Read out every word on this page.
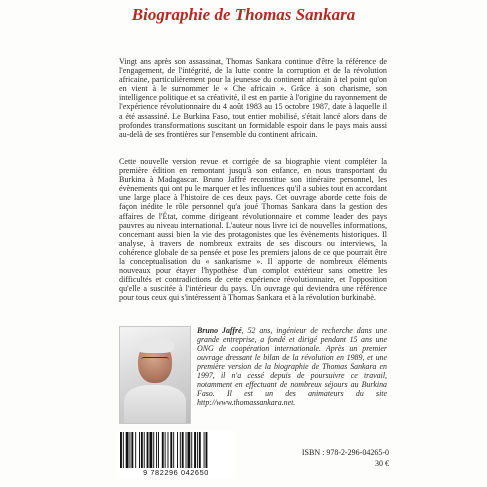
Biographie de Thomas Sankara

Vingt ans après son assassinat, Thomas Sankara continue d'être la référence de l'engagement, de l'intégrité, de la lutte contre la corruption et de la révolution africaine, particulièrement pour la jeunesse du continent africain à tel point qu'on en vient à le surnommer le « Che africain ». Grâce à son charisme, son intelligence politique et sa créativité, il est en partie à l'origine du rayonnement de l'expérience révolutionnaire du 4 août 1983 au 15 octobre 1987, date à laquelle il a été assassiné. Le Burkina Faso, tout entier mobilisé, s'était lancé alors dans de profondes transformations suscitant un formidable espoir dans le pays mais aussi au-delà de ses frontières sur l'ensemble du continent africain.

Cette nouvelle version revue et corrigée de sa biographie vient compléter la première édition en remontant jusqu'à son enfance, en nous transportant du Burkina à Madagascar. Bruno Jaffré reconstitue son itinéraire personnel, les évènements qui ont pu le marquer et les influences qu'il a subies tout en accordant une large place à l'histoire de ces deux pays. Cet ouvrage aborde cette fois de façon inédite le rôle personnel qu'a joué Thomas Sankara dans la gestion des affaires de l'État, comme dirigeant révolutionnaire et comme leader des pays pauvres au niveau international. L'auteur nous livre ici de nouvelles informations, concernant aussi bien la vie des protagonistes que les évènements historiques. Il analyse, à travers de nombreux extraits de ses discours ou interviews, la cohérence globale de sa pensée et pose les premiers jalons de ce que pourrait être la conceptualisation du « sankarisme ». Il apporte de nombreux éléments nouveaux pour étayer l'hypothèse d'un complot extérieur sans omettre les difficultés et contradictions de cette expérience révolutionnaire, et l'opposition qu'elle a suscitée à l'intérieur du pays. Un ouvrage qui deviendra une référence pour tous ceux qui s'intéressent à Thomas Sankara et à la révolution burkinabè.

Bruno Jaffré, 52 ans, ingénieur de recherche dans une grande entreprise, a fondé et dirigé pendant 15 ans une ONG de coopération internationale. Après un premier ouvrage dressant le bilan de la révolution en 1989, et une première version de la biographie de Thomas Sankara en 1997, il n'a cessé depuis de poursuivre ce travail, notamment en effectuant de nombreux séjours au Burkina Faso. Il est un des animateurs du site http://www.thomassankara.net.

9 782296 042650
ISBN : 978-2-296-04265-0
30 €
